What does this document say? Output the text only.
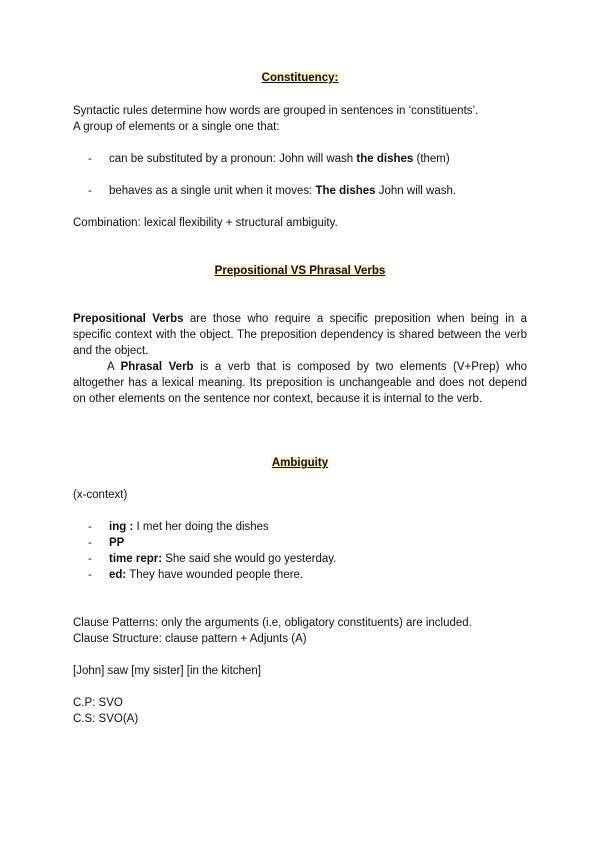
Constituency:
Syntactic rules determine how words are grouped in sentences in ‘constituents’.
A group of elements or a single one that:
- can be substituted by a pronoun: John will wash the dishes (them)
- behaves as a single unit when it moves: The dishes John will wash.
Combination: lexical flexibility + structural ambiguity.
Prepositional VS Phrasal Verbs
Prepositional Verbs are those who require a specific preposition when being in a specific context with the object. The preposition dependency is shared between the verb and the object.
A Phrasal Verb is a verb that is composed by two elements (V+Prep) who altogether has a lexical meaning. Its preposition is unchangeable and does not depend on other elements on the sentence nor context, because it is internal to the verb.
Ambiguity
(x-context)
- ing : I met her doing the dishes
- PP
- time repr: She said she would go yesterday.
- ed: They have wounded people there.
Clause Patterns: only the arguments (i.e, obligatory constituents) are included.
Clause Structure: clause pattern + Adjunts (A)
[John] saw [my sister] [in the kitchen]
C.P: SVO
C.S: SVO(A)
